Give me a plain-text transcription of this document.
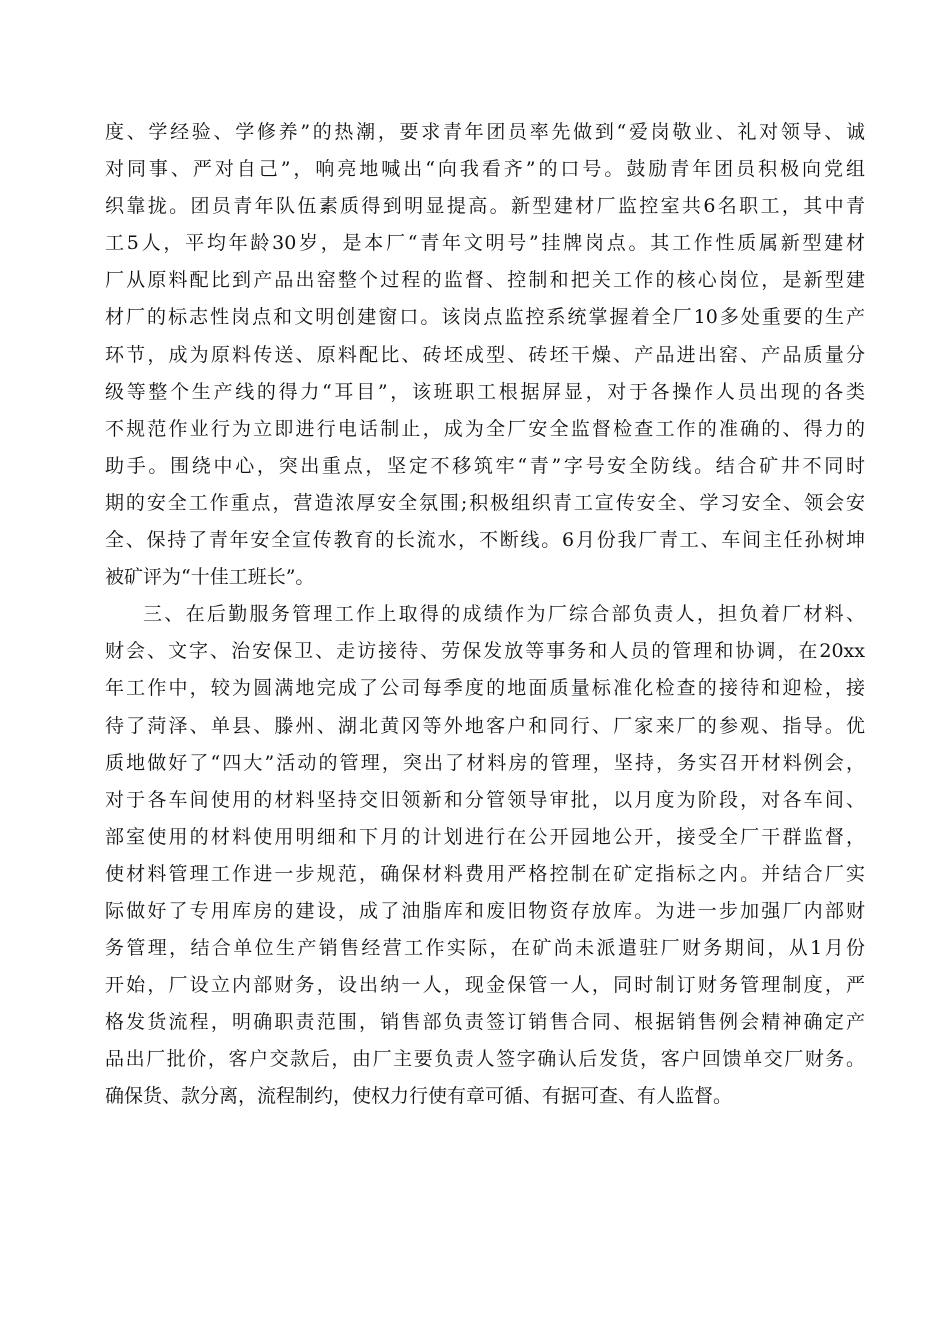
度、学经验、学修养”的热潮，要求青年团员率先做到“爱岗敬业、礼对领导、诚
对同事、严对自己”，响亮地喊出“向我看齐”的口号。鼓励青年团员积极向党组
织靠拢。团员青年队伍素质得到明显提高。新型建材厂监控室共6名职工，其中青
工5人，平均年龄30岁，是本厂“青年文明号”挂牌岗点。其工作性质属新型建材
厂从原料配比到产品出窑整个过程的监督、控制和把关工作的核心岗位，是新型建
材厂的标志性岗点和文明创建窗口。该岗点监控系统掌握着全厂10多处重要的生产
环节，成为原料传送、原料配比、砖坯成型、砖坯干燥、产品进出窑、产品质量分
级等整个生产线的得力“耳目”，该班职工根据屏显，对于各操作人员出现的各类
不规范作业行为立即进行电话制止，成为全厂安全监督检查工作的准确的、得力的
助手。围绕中心，突出重点，坚定不移筑牢“青”字号安全防线。结合矿井不同时
期的安全工作重点，营造浓厚安全氛围;积极组织青工宣传安全、学习安全、领会安
全、保持了青年安全宣传教育的长流水，不断线。6月份我厂青工、车间主任孙树坤
被矿评为“十佳工班长”。
三、在后勤服务管理工作上取得的成绩作为厂综合部负责人，担负着厂材料、
财会、文字、治安保卫、走访接待、劳保发放等事务和人员的管理和协调，在20xx
年工作中，较为圆满地完成了公司每季度的地面质量标准化检查的接待和迎检，接
待了菏泽、单县、滕州、湖北黄冈等外地客户和同行、厂家来厂的参观、指导。优
质地做好了“四大”活动的管理，突出了材料房的管理，坚持，务实召开材料例会，
对于各车间使用的材料坚持交旧领新和分管领导审批，以月度为阶段，对各车间、
部室使用的材料使用明细和下月的计划进行在公开园地公开，接受全厂干群监督，
使材料管理工作进一步规范，确保材料费用严格控制在矿定指标之内。并结合厂实
际做好了专用库房的建设，成了油脂库和废旧物资存放库。为进一步加强厂内部财
务管理，结合单位生产销售经营工作实际，在矿尚未派遣驻厂财务期间，从1月份
开始，厂设立内部财务，设出纳一人，现金保管一人，同时制订财务管理制度，严
格发货流程，明确职责范围，销售部负责签订销售合同、根据销售例会精神确定产
品出厂批价，客户交款后，由厂主要负责人签字确认后发货，客户回馈单交厂财务。
确保货、款分离，流程制约，使权力行使有章可循、有据可查、有人监督。
